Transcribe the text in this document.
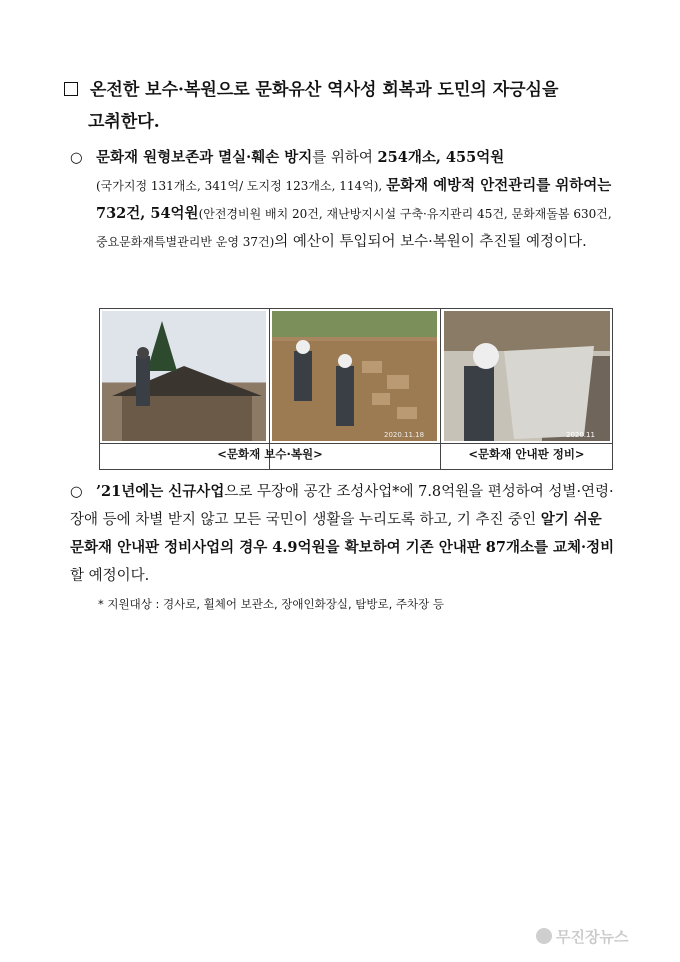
온전한 보수·복원으로 문화유산 역사성 회복과 도민의 자긍심을
고취한다.
○ 문화재 원형보존과 멸실·훼손 방지를 위하여 254개소, 455억원
(국가지정 131개소, 341억/ 도지정 123개소, 114억), 문화재 예방적 안전관리를 위하여는 732건, 54억원(안전경비원 배치 20건, 재난방지시설 구축·유지관리 45건, 문화재돌봄 630건, 중요문화재특별관리반 운영 37건)의 예산이 투입되어 보수·복원이 추진될 예정이다.
2020.11.18	2020.11
<문화재 보수·복원>	<문화재 안내판 정비>
○ ’21년에는 신규사업으로 무장애 공간 조성사업*에 7.8억원을 편성하여 성별·연령·장애 등에 차별 받지 않고 모든 국민이 생활을 누리도록 하고, 기 추진 중인 알기 쉬운 문화재 안내판 정비사업의 경우 4.9억원을 확보하여 기존 안내판 87개소를 교체·정비할 예정이다.
* 지원대상 : 경사로, 휠체어 보관소, 장애인화장실, 탐방로, 주차장 등
무진장뉴스
